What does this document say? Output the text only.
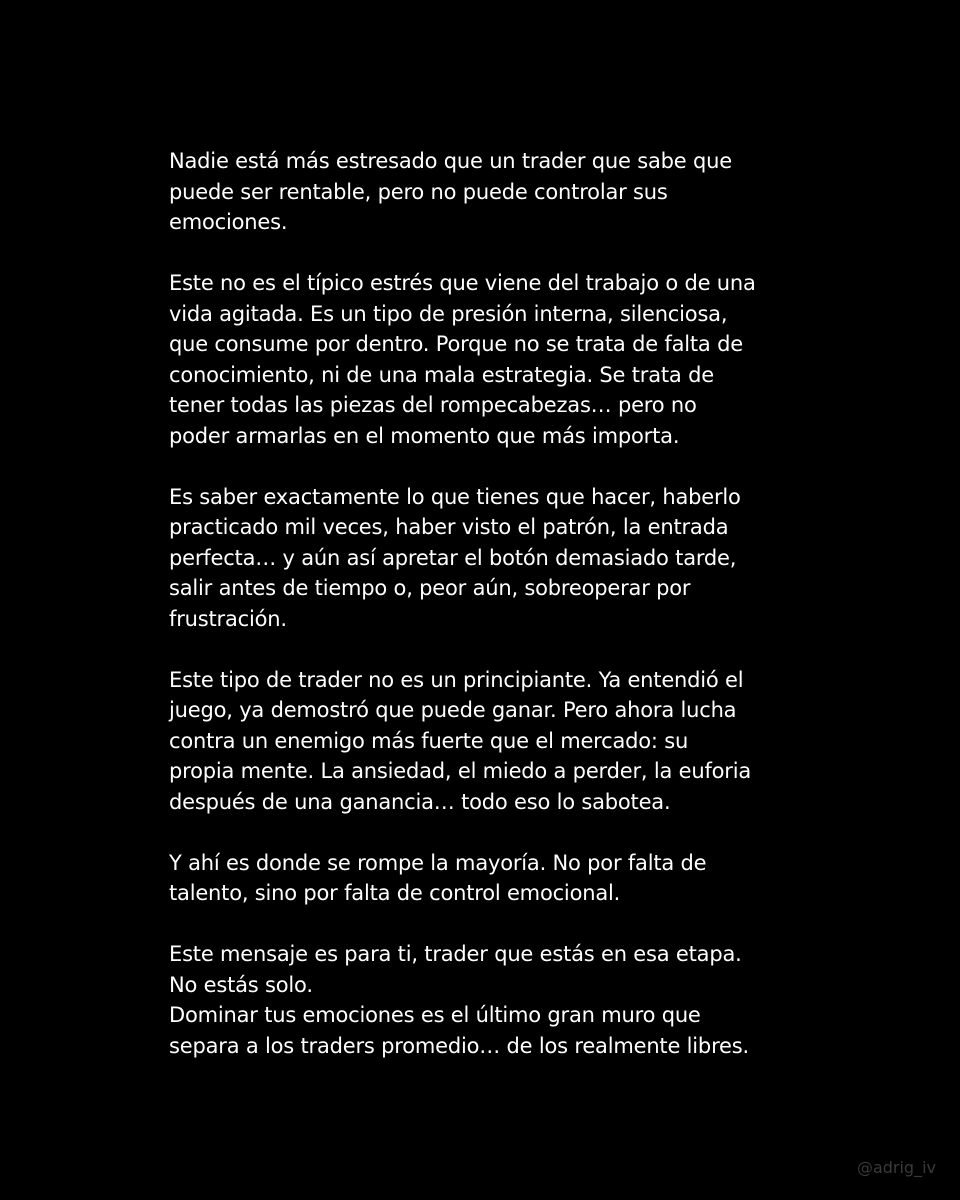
Nadie está más estresado que un trader que sabe que
puede ser rentable, pero no puede controlar sus
emociones.

Este no es el típico estrés que viene del trabajo o de una
vida agitada. Es un tipo de presión interna, silenciosa,
que consume por dentro. Porque no se trata de falta de
conocimiento, ni de una mala estrategia. Se trata de
tener todas las piezas del rompecabezas… pero no
poder armarlas en el momento que más importa.

Es saber exactamente lo que tienes que hacer, haberlo
practicado mil veces, haber visto el patrón, la entrada
perfecta… y aún así apretar el botón demasiado tarde,
salir antes de tiempo o, peor aún, sobreoperar por
frustración.

Este tipo de trader no es un principiante. Ya entendió el
juego, ya demostró que puede ganar. Pero ahora lucha
contra un enemigo más fuerte que el mercado: su
propia mente. La ansiedad, el miedo a perder, la euforia
después de una ganancia… todo eso lo sabotea.

Y ahí es donde se rompe la mayoría. No por falta de
talento, sino por falta de control emocional.

Este mensaje es para ti, trader que estás en esa etapa.
No estás solo.
Dominar tus emociones es el último gran muro que
separa a los traders promedio… de los realmente libres.

@adrig_iv
